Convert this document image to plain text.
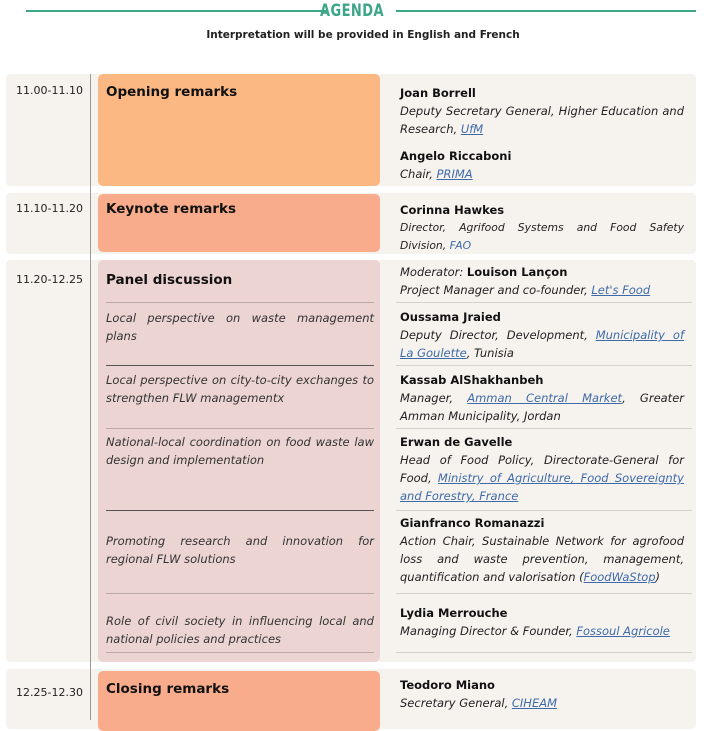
AGENDA
Interpretation will be provided in English and French
11.00-11.10
11.10-11.20
11.20-12.25
12.25-12.30
Opening remarks
Keynote remarks
Panel discussion
Closing remarks
Local perspective on waste management plans
Local perspective on city-to-city exchanges to strengthen FLW managementx
National-local coordination on food waste law design and implementation
Promoting research and innovation for regional FLW solutions
Role of civil society in influencing local and national policies and practices
Joan Borrell
Deputy Secretary General, Higher Education and Research, UfM
Angelo Riccaboni
Chair, PRIMA
Corinna Hawkes
Director, Agrifood Systems and Food Safety Division, FAO
Moderator: Louison Lançon
Project Manager and co-founder, Let's Food
Oussama Jraied
Deputy Director, Development, Municipality of La Goulette, Tunisia
Kassab AlShakhanbeh
Manager, Amman Central Market, Greater Amman Municipality, Jordan
Erwan de Gavelle
Head of Food Policy, Directorate-General for Food, Ministry of Agriculture, Food Sovereignty and Forestry, France
Gianfranco Romanazzi
Action Chair, Sustainable Network for agrofood loss and waste prevention, management, quantification and valorisation (FoodWaStop)
Lydia Merrouche
Managing Director & Founder, Fossoul Agricole
Teodoro Miano
Secretary General, CIHEAM
